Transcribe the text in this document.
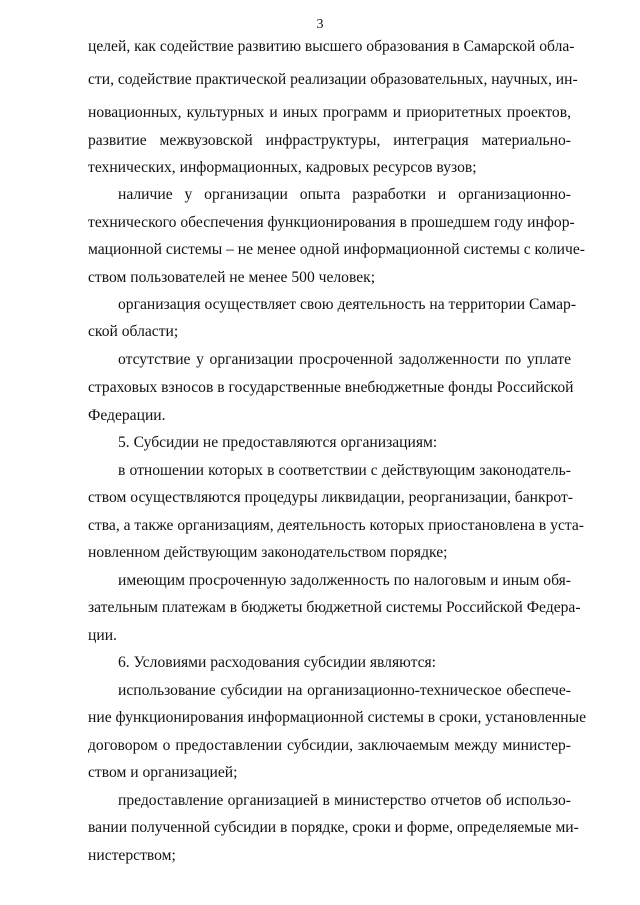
3
целей, как содействие развитию высшего образования в Самарской обла-
сти, содействие практической реализации образовательных, научных, ин-
новационных, культурных и иных программ и приоритетных проектов,
развитие межвузовской инфраструктуры, интеграция материально-
технических, информационных, кадровых ресурсов вузов;
наличие у организации опыта разработки и организационно-
технического обеспечения функционирования в прошедшем году инфор-
мационной системы – не менее одной информационной системы с количе-
ством пользователей не менее 500 человек;
организация осуществляет свою деятельность на территории Самар-
ской области;
отсутствие у организации просроченной задолженности по уплате
страховых взносов в государственные внебюджетные фонды Российской
Федерации.
5. Субсидии не предоставляются организациям:
в отношении которых в соответствии с действующим законодатель-
ством осуществляются процедуры ликвидации, реорганизации, банкрот-
ства, а также организациям, деятельность которых приостановлена в уста-
новленном действующим законодательством порядке;
имеющим просроченную задолженность по налоговым и иным обя-
зательным платежам в бюджеты бюджетной системы Российской Федера-
ции.
6. Условиями расходования субсидии являются:
использование субсидии на организационно-техническое обеспече-
ние функционирования информационной системы в сроки, установленные
договором о предоставлении субсидии, заключаемым между министер-
ством и организацией;
предоставление организацией в министерство отчетов об использо-
вании полученной субсидии в порядке, сроки и форме, определяемые ми-
нистерством;
